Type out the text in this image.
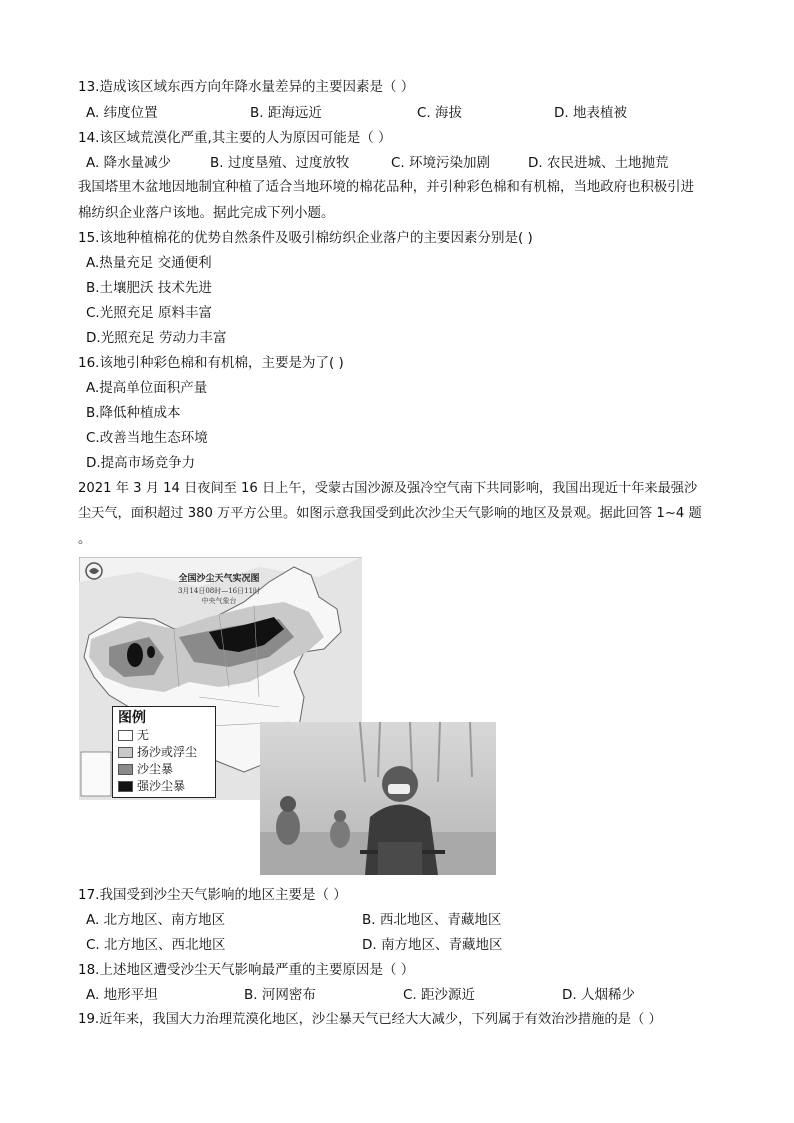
13.造成该区域东西方向年降水量差异的主要因素是（ ）
A. 纬度位置	B. 距海远近	C. 海拔	D. 地表植被
14.该区域荒漠化严重,其主要的人为原因可能是（ ）
A. 降水量减少	B. 过度垦殖、过度放牧	C. 环境污染加剧	D. 农民进城、土地抛荒
我国塔里木盆地因地制宜种植了适合当地环境的棉花品种，并引种彩色棉和有机棉，当地政府也积极引进
棉纺织企业落户该地。据此完成下列小题。
15.该地种植棉花的优势自然条件及吸引棉纺织企业落户的主要因素分别是( )
A.热量充足 交通便利
B.土壤肥沃 技术先进
C.光照充足 原料丰富
D.光照充足 劳动力丰富
16.该地引种彩色棉和有机棉，主要是为了( )
A.提高单位面积产量
B.降低种植成本
C.改善当地生态环境
D.提高市场竞争力
2021 年 3 月 14 日夜间至 16 日上午，受蒙古国沙源及强冷空气南下共同影响，我国出现近十年来最强沙
尘天气，面积超过 380 万平方公里。如图示意我国受到此次沙尘天气影响的地区及景观。据此回答 1~4 题
。
全国沙尘天气实况图
3月14日08时—16日11时
中央气象台
图例
无
扬沙或浮尘
沙尘暴
强沙尘暴
17.我国受到沙尘天气影响的地区主要是（ ）
A. 北方地区、南方地区	B. 西北地区、青藏地区
C. 北方地区、西北地区	D. 南方地区、青藏地区
18.上述地区遭受沙尘天气影响最严重的主要原因是（ ）
A. 地形平坦	B. 河网密布	C. 距沙源近	D. 人烟稀少
19.近年来，我国大力治理荒漠化地区，沙尘暴天气已经大大减少，下列属于有效治沙措施的是（ ）
